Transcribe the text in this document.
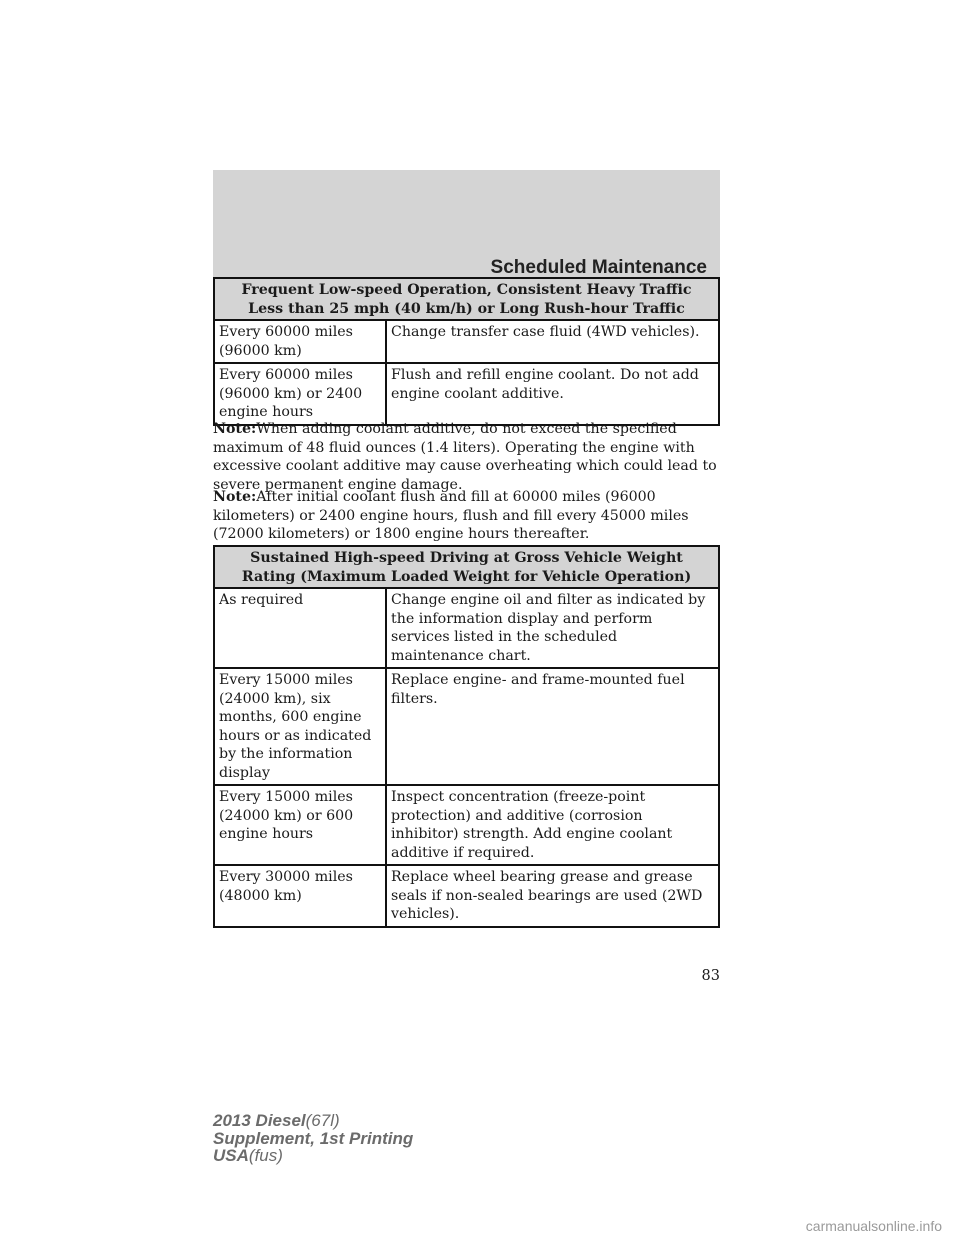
Scheduled Maintenance
Frequent Low-speed Operation, Consistent Heavy Traffic Less than 25 mph (40 km/h) or Long Rush-hour Traffic	
Every 60000 miles (96000 km)	Change transfer case fluid (4WD vehicles).
Every 60000 miles (96000 km) or 2400 engine hours	Flush and refill engine coolant. Do not add engine coolant additive.
Note:When adding coolant additive, do not exceed the specified maximum of 48 fluid ounces (1.4 liters). Operating the engine with excessive coolant additive may cause overheating which could lead to severe permanent engine damage.
Note:After initial coolant flush and fill at 60000 miles (96000 kilometers) or 2400 engine hours, flush and fill every 45000 miles (72000 kilometers) or 1800 engine hours thereafter.
Sustained High-speed Driving at Gross Vehicle Weight Rating (Maximum Loaded Weight for Vehicle Operation)	
As required	Change engine oil and filter as indicated by the information display and perform services listed in the scheduled maintenance chart.
Every 15000 miles (24000 km), six months, 600 engine hours or as indicated by the information display	Replace engine- and frame-mounted fuel filters.
Every 15000 miles (24000 km) or 600 engine hours	Inspect concentration (freeze-point protection) and additive (corrosion inhibitor) strength. Add engine coolant additive if required.
Every 30000 miles (48000 km)	Replace wheel bearing grease and grease seals if non-sealed bearings are used (2WD vehicles).
83
2013 Diesel(67l)
Supplement, 1st Printing
USA(fus)
carmanualsonline.info
